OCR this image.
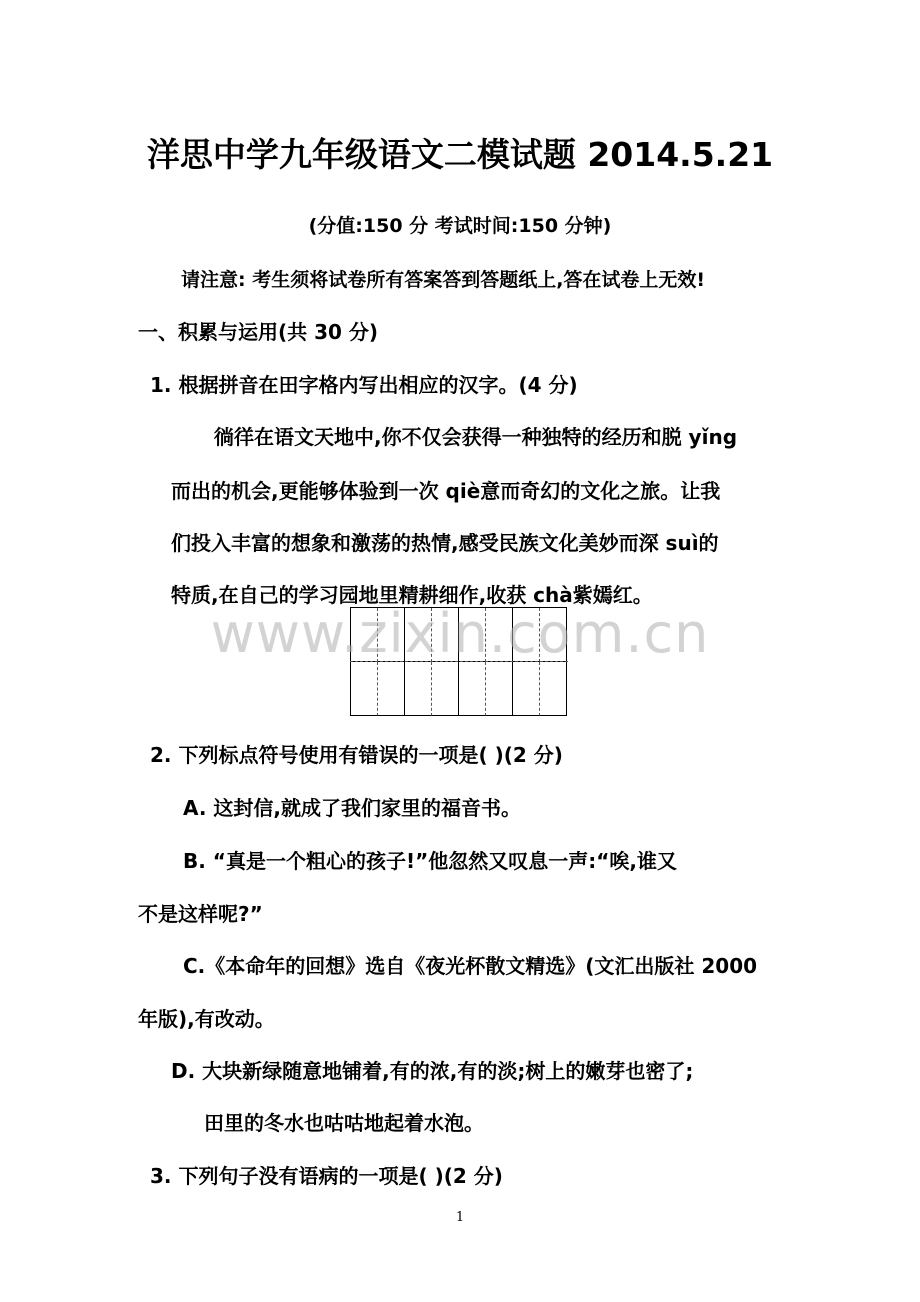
洋思中学九年级语文二模试题 2014.5.21
(分值:150 分 考试时间:150 分钟)
请注意: 考生须将试卷所有答案答到答题纸上,答在试卷上无效!
一、积累与运用(共 30 分)
1. 根据拼音在田字格内写出相应的汉字。(4 分)
徜徉在语文天地中,你不仅会获得一种独特的经历和脱 yǐng
而出的机会,更能够体验到一次 qiè意而奇幻的文化之旅。让我
们投入丰富的想象和激荡的热情,感受民族文化美妙而深 suì的
特质,在自己的学习园地里精耕细作,收获 chà紫嫣红。
www.zixin.com.cn
2. 下列标点符号使用有错误的一项是( )(2 分)
A. 这封信,就成了我们家里的福音书。
B. “真是一个粗心的孩子!”他忽然又叹息一声:“唉,谁又
不是这样呢?”
C.《本命年的回想》选自《夜光杯散文精选》(文汇出版社 2000
年版),有改动。
D. 大块新绿随意地铺着,有的浓,有的淡;树上的嫩芽也密了;
田里的冬水也咕咕地起着水泡。
3. 下列句子没有语病的一项是( )(2 分)
1
